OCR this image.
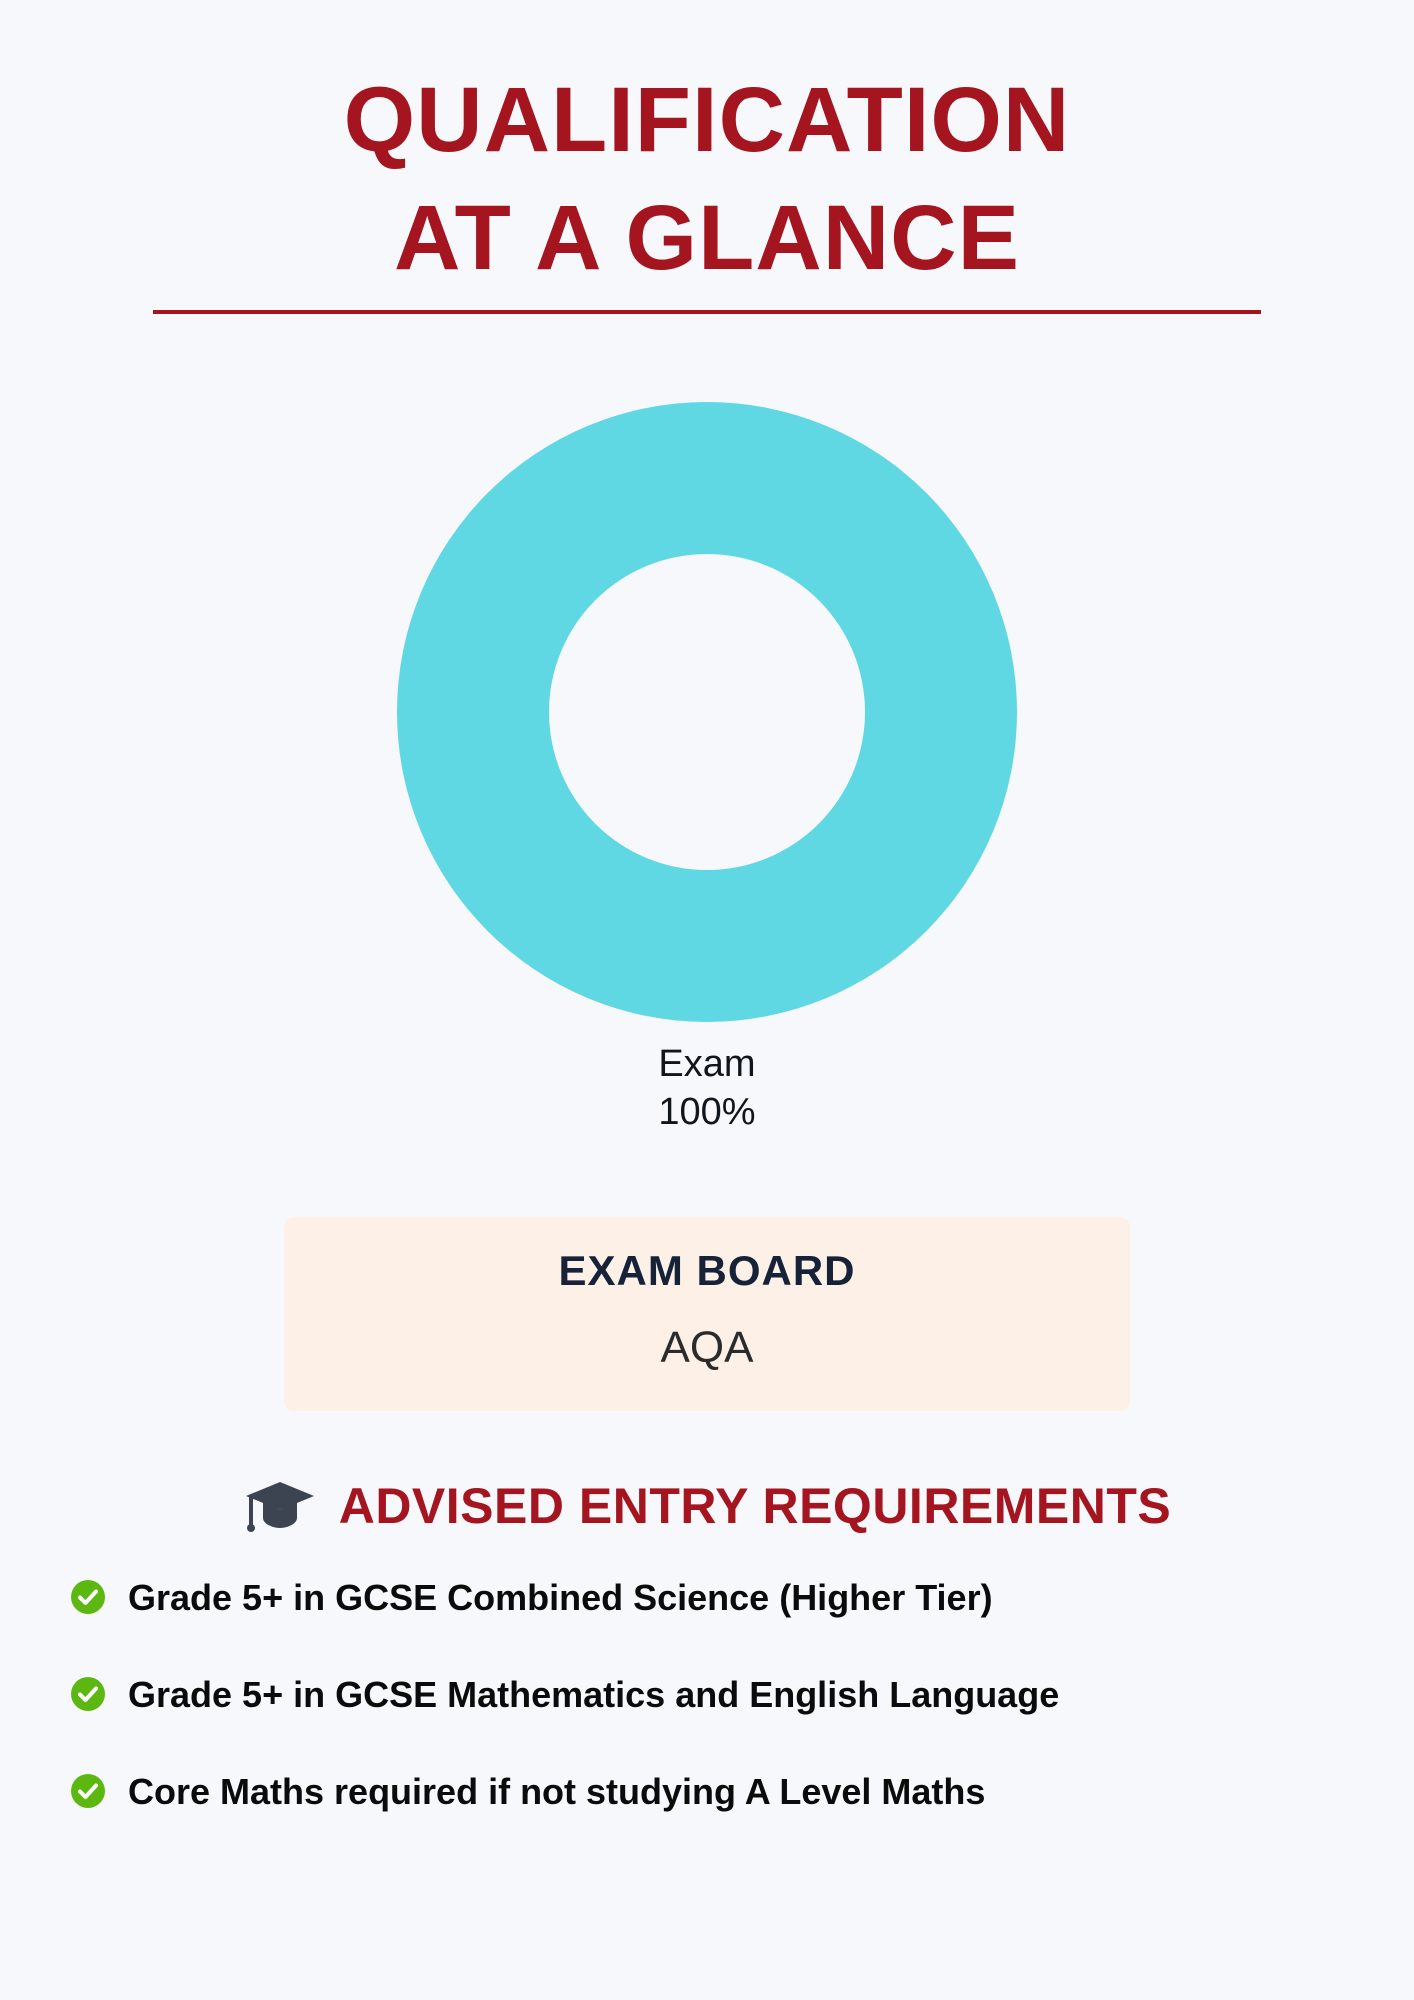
QUALIFICATION
AT A GLANCE
Exam
100%
EXAM BOARD
AQA
ADVISED ENTRY REQUIREMENTS
Grade 5+ in GCSE Combined Science (Higher Tier)
Grade 5+ in GCSE Mathematics and English Language
Core Maths required if not studying A Level Maths
